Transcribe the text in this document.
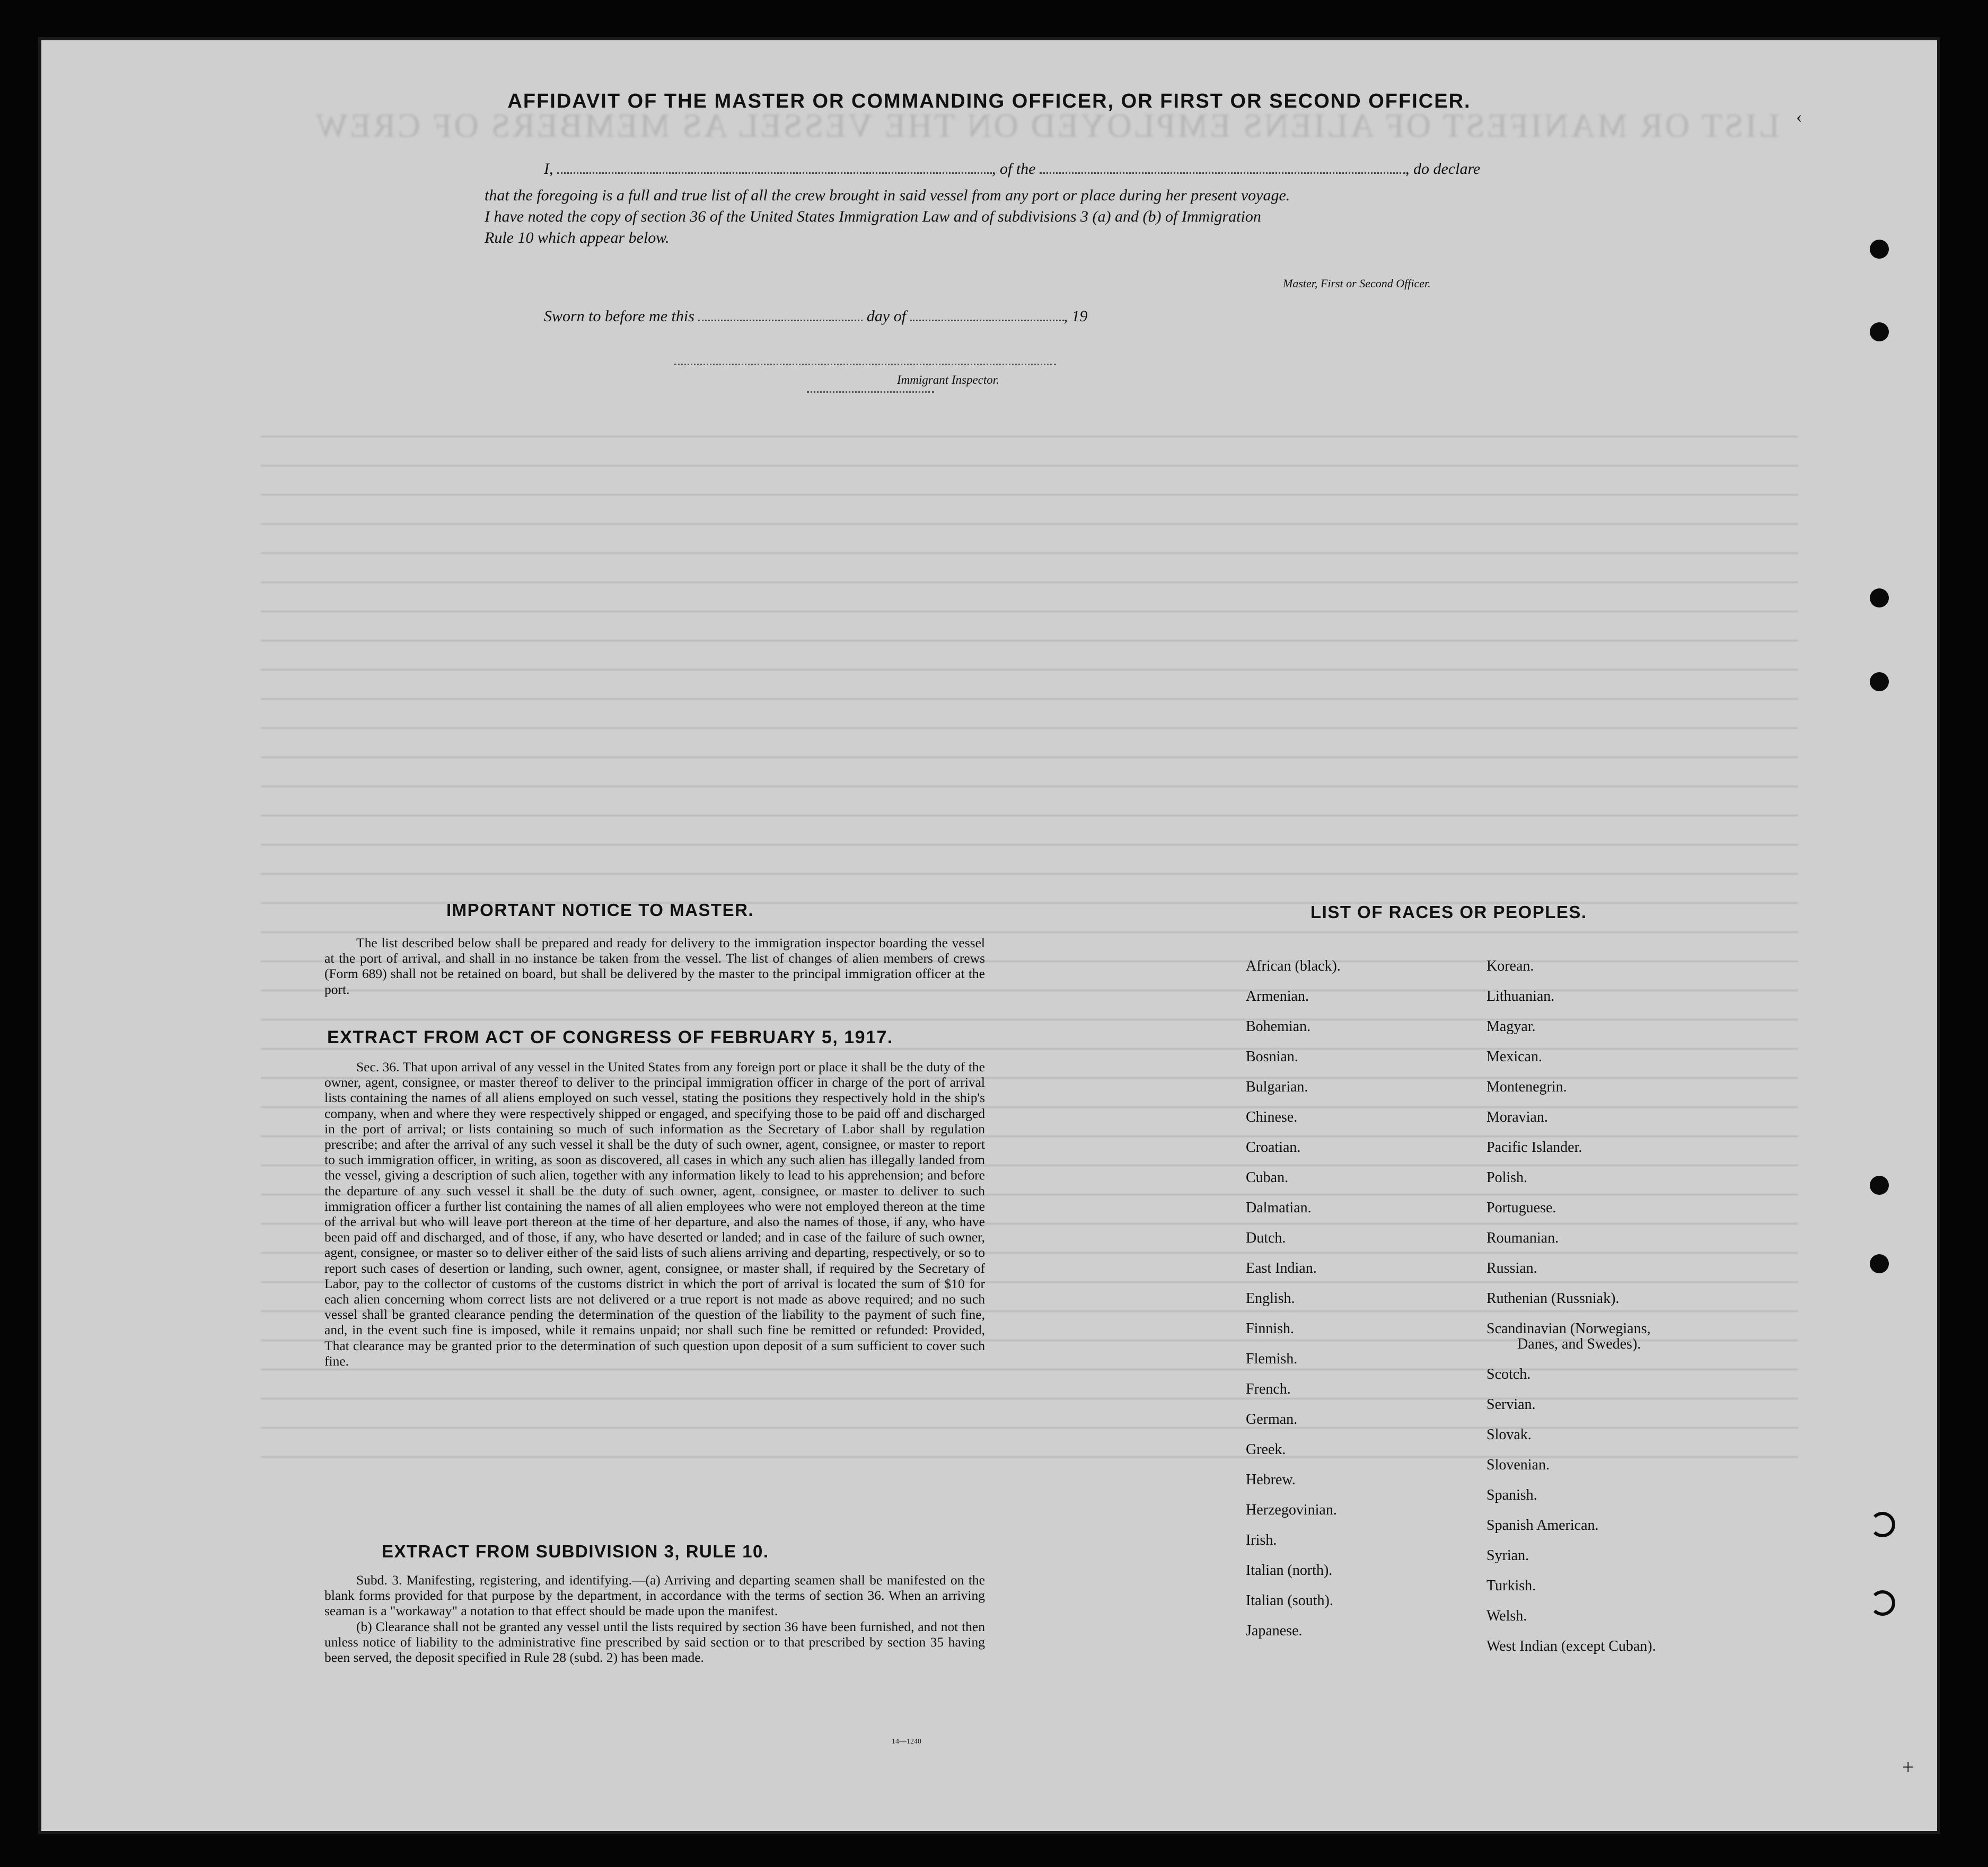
LIST OR MANIFEST OF ALIENS EMPLOYED ON THE VESSEL AS MEMBERS OF CREW
AFFIDAVIT OF THE MASTER OR COMMANDING OFFICER, OR FIRST OR SECOND OFFICER.
I,	, of the	, do declare
that the foregoing is a full and true list of all the crew brought in said vessel from any port or place during her present voyage.
I have noted the copy of section 36 of the United States Immigration Law and of subdivisions 3 (a) and (b) of Immigration
Rule 10 which appear below.
Master, First or Second Officer.
Sworn to before me this	day of	, 19
Immigrant Inspector.
IMPORTANT NOTICE TO MASTER.

The list described below shall be prepared and ready for delivery to the immigration inspector boarding the vessel at the port of arrival, and shall in no instance be taken from the vessel. The list of changes of alien members of crews (Form 689) shall not be retained on board, but shall be delivered by the master to the principal immigration officer at the port.

EXTRACT FROM ACT OF CONGRESS OF FEBRUARY 5, 1917.

Sec. 36. That upon arrival of any vessel in the United States from any foreign port or place it shall be the duty of the owner, agent, consignee, or master thereof to deliver to the principal immigration officer in charge of the port of arrival lists containing the names of all aliens employed on such vessel, stating the positions they respectively hold in the ship's company, when and where they were respectively shipped or engaged, and specifying those to be paid off and discharged in the port of arrival; or lists containing so much of such information as the Secretary of Labor shall by regulation prescribe; and after the arrival of any such vessel it shall be the duty of such owner, agent, consignee, or master to report to such immigration officer, in writing, as soon as discovered, all cases in which any such alien has illegally landed from the vessel, giving a description of such alien, together with any information likely to lead to his apprehension; and before the departure of any such vessel it shall be the duty of such owner, agent, consignee, or master to deliver to such immigration officer a further list containing the names of all alien employees who were not employed thereon at the time of the arrival but who will leave port thereon at the time of her departure, and also the names of those, if any, who have been paid off and discharged, and of those, if any, who have deserted or landed; and in case of the failure of such owner, agent, consignee, or master so to deliver either of the said lists of such aliens arriving and departing, respectively, or so to report such cases of desertion or landing, such owner, agent, consignee, or master shall, if required by the Secretary of Labor, pay to the collector of customs of the customs district in which the port of arrival is located the sum of $10 for each alien concerning whom correct lists are not delivered or a true report is not made as above required; and no such vessel shall be granted clearance pending the determination of the question of the liability to the payment of such fine, and, in the event such fine is imposed, while it remains unpaid; nor shall such fine be remitted or refunded: Provided, That clearance may be granted prior to the determination of such question upon deposit of a sum sufficient to cover such fine.

EXTRACT FROM SUBDIVISION 3, RULE 10.

Subd. 3. Manifesting, registering, and identifying.—(a) Arriving and departing seamen shall be manifested on the blank forms provided for that purpose by the department, in accordance with the terms of section 36. When an arriving seaman is a "workaway" a notation to that effect should be made upon the manifest.

(b) Clearance shall not be granted any vessel until the lists required by section 36 have been furnished, and not then unless notice of liability to the administrative fine prescribed by said section or to that prescribed by section 35 having been served, the deposit specified in Rule 28 (subd. 2) has been made.

14—1240
LIST OF RACES OR PEOPLES.
African (black).
Armenian.
Bohemian.
Bosnian.
Bulgarian.
Chinese.
Croatian.
Cuban.
Dalmatian.
Dutch.
East Indian.
English.
Finnish.
Flemish.
French.
German.
Greek.
Hebrew.
Herzegovinian.
Irish.
Italian (north).
Italian (south).
Japanese.
Korean.
Lithuanian.
Magyar.
Mexican.
Montenegrin.
Moravian.
Pacific Islander.
Polish.
Portuguese.
Roumanian.
Russian.
Ruthenian (Russniak).
Scandinavian (Norwegians,
Danes, and Swedes).
Scotch.
Servian.
Slovak.
Slovenian.
Spanish.
Spanish American.
Syrian.
Turkish.
Welsh.
West Indian (except Cuban).
‹
+
